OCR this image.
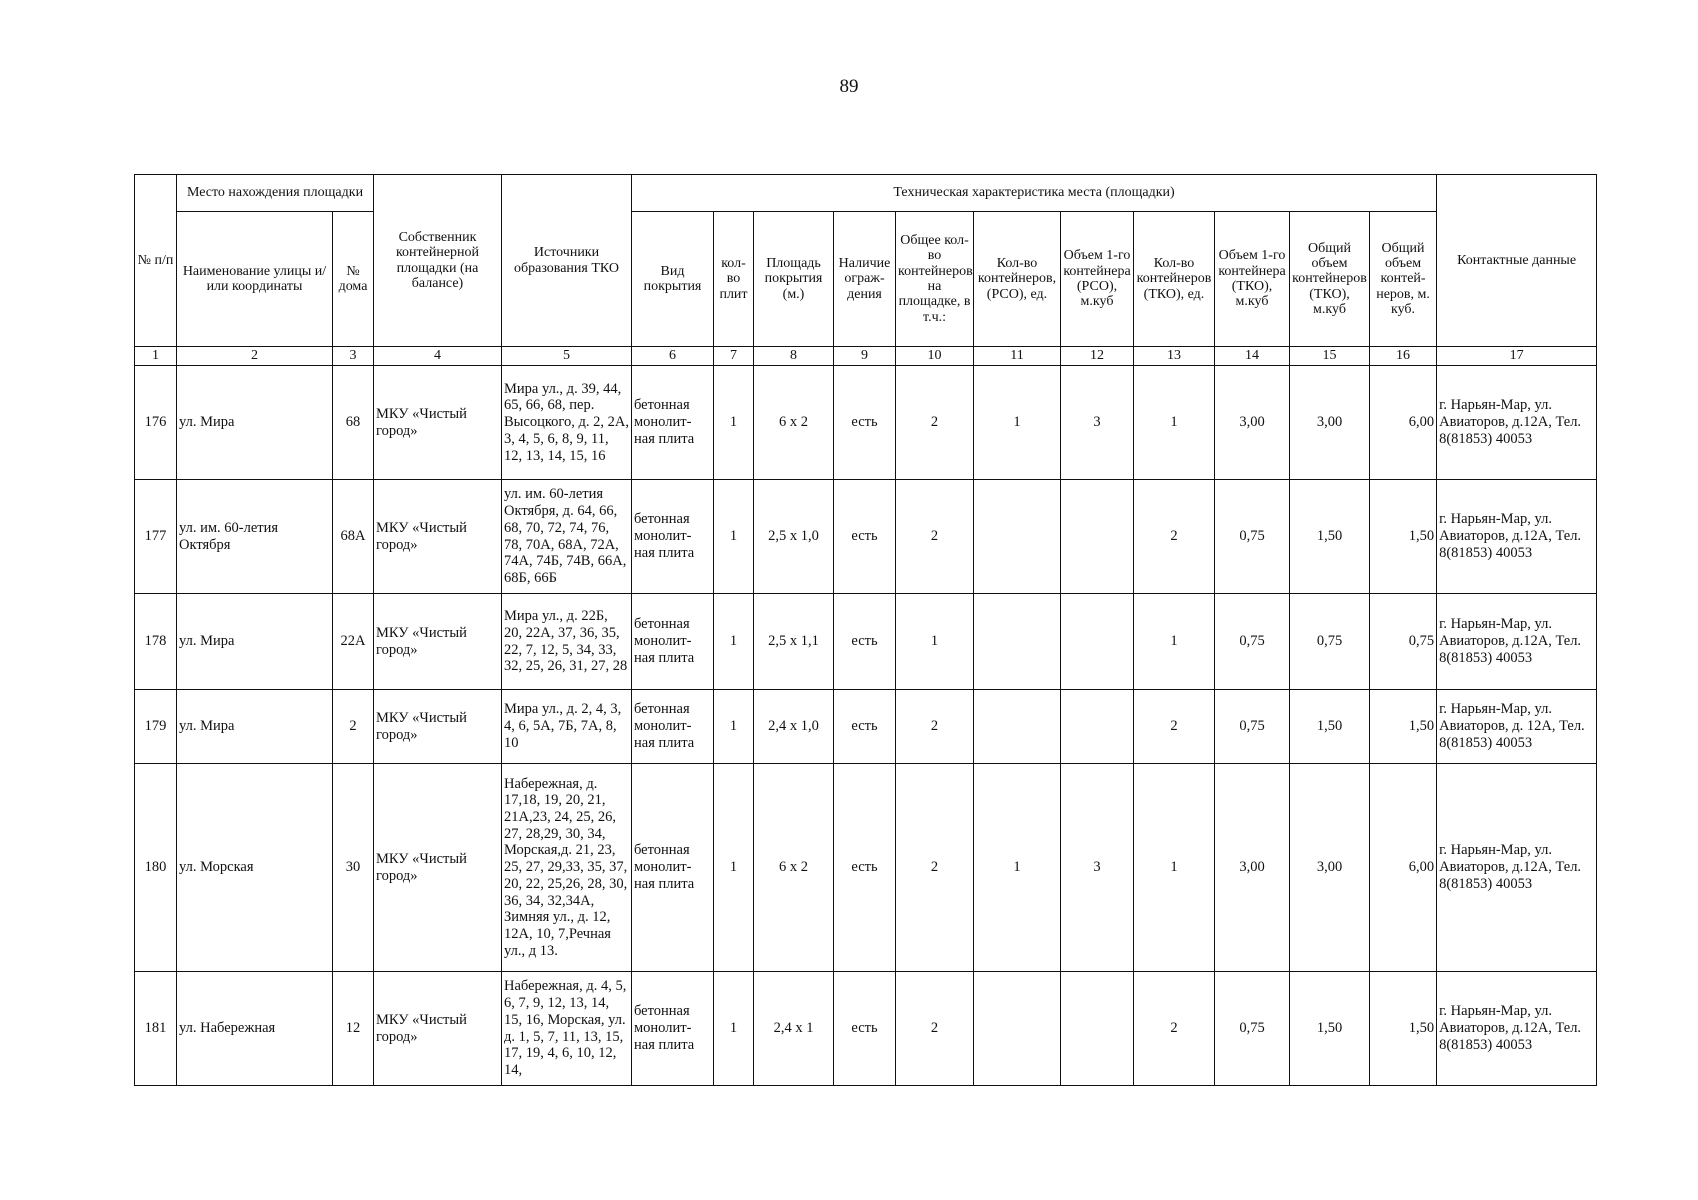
89
№ п/п	Место нахождения площадки		Собственник контейнерной площадки (на балансе)	Источники образования ТКО	Техническая характеристика места (площадки)											Контактные данные
	Наименование улицы и/или координаты	№ дома			Вид покрытия	кол-во плит	Площадь покрытия (м.)	Наличие ограж-дения	Общее кол-во контейнеров на площадке, в т.ч.:	Кол-во контейнеров, (РСО), ед.	Объем 1-го контейнера (РСО), м.куб	Кол-во контейнеров (ТКО), ед.	Объем 1-го контейнера (ТКО), м.куб	Общий объем контейнеров (ТКО), м.куб	Общий объем контей-неров, м. куб.	
1	2	3	4	5	6	7	8	9	10	11	12	13	14	15	16	17
176	ул. Мира	68	МКУ «Чистый город»	Мира ул., д. 39, 44, 65, 66, 68, пер. Высоцкого, д. 2, 2А, 3, 4, 5, 6, 8, 9, 11, 12, 13, 14, 15, 16	бетонная монолит-ная плита	1	6 х 2	есть	2	1	3	1	3,00	3,00	6,00	г. Нарьян-Мар, ул. Авиаторов, д.12А, Тел. 8(81853) 40053
177	ул. им. 60-летия Октября	68А	МКУ «Чистый город»	ул. им. 60-летия Октября, д. 64, 66, 68, 70, 72, 74, 76, 78, 70А, 68А, 72А, 74А, 74Б, 74В, 66А, 68Б, 66Б	бетонная монолит-ная плита	1	2,5 х 1,0	есть	2			2	0,75	1,50	1,50	г. Нарьян-Мар, ул. Авиаторов, д.12А, Тел. 8(81853) 40053
178	ул. Мира	22А	МКУ «Чистый город»	Мира ул., д. 22Б, 20, 22А, 37, 36, 35, 22, 7, 12, 5, 34, 33, 32, 25, 26, 31, 27, 28	бетонная монолит-ная плита	1	2,5 х 1,1	есть	1			1	0,75	0,75	0,75	г. Нарьян-Мар, ул. Авиаторов, д.12А, Тел. 8(81853) 40053
179	ул. Мира	2	МКУ «Чистый город»	Мира ул., д. 2, 4, 3, 4, 6, 5А, 7Б, 7А, 8, 10	бетонная монолит-ная плита	1	2,4 х 1,0	есть	2			2	0,75	1,50	1,50	г. Нарьян-Мар, ул. Авиаторов, д. 12А, Тел. 8(81853) 40053
180	ул. Морская	30	МКУ «Чистый город»	Набережная, д. 17,18, 19, 20, 21, 21А,23, 24, 25, 26, 27, 28,29, 30, 34, Морская,д. 21, 23, 25, 27, 29,33, 35, 37, 20, 22, 25,26, 28, 30, 36, 34, 32,34А, Зимняя ул., д. 12, 12А, 10, 7,Речная ул., д 13.	бетонная монолит-ная плита	1	6 х 2	есть	2	1	3	1	3,00	3,00	6,00	г. Нарьян-Мар, ул. Авиаторов, д.12А, Тел. 8(81853) 40053
181	ул. Набережная	12	МКУ «Чистый город»	Набережная, д. 4, 5, 6, 7, 9, 12, 13, 14, 15, 16, Морская, ул. д. 1, 5, 7, 11, 13, 15, 17, 19, 4, 6, 10, 12, 14,	бетонная монолит-ная плита	1	2,4 х 1	есть	2			2	0,75	1,50	1,50	г. Нарьян-Мар, ул. Авиаторов, д.12А, Тел. 8(81853) 40053
